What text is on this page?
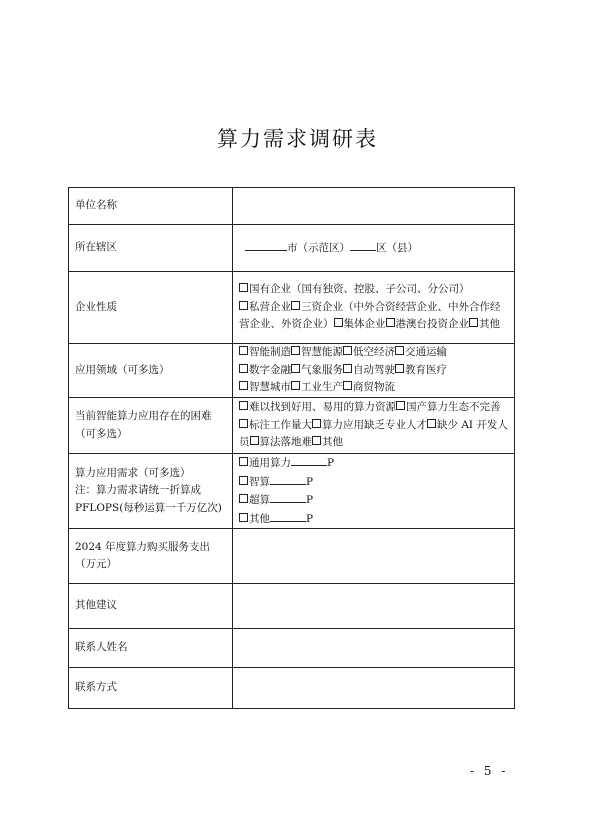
算力需求调研表
单位名称	
所在辖区	市（示范区） 区（县）
企业性质	国有企业（国有独资、控股、子公司、分公司）
私营企业 三资企业（中外合资经营企业、中外合作经营企业、外资企业） 集体企业 港澳台投资企业 其他
应用领域（可多选）	智能制造 智慧能源 低空经济 交通运输
数字金融 气象服务 自动驾驶 教育医疗
智慧城市 工业生产 商贸物流
当前智能算力应用存在的困难（可多选）	难以找到好用、易用的算力资源 国产算力生态不完善标注工作量大 算力应用缺乏专业人才 缺少 AI 开发人员 算法落地难 其他
算力应用需求（可多选）
注：算力需求请统一折算成 PFLOPS(每秒运算一千万亿次)	通用算力 P
智算 P
超算 P
其他 P
2024 年度算力购买服务支出（万元）	
其他建议	
联系人姓名	
联系方式	
- 5 -
